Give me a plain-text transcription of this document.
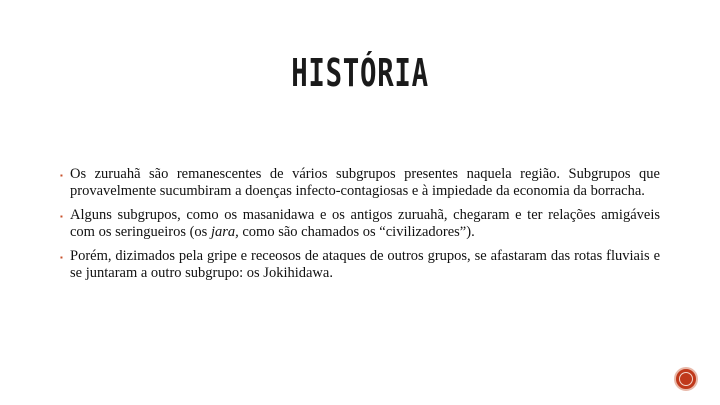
HISTÓRIA

▪ Os zuruahã são remanescentes de vários subgrupos presentes naquela região. Subgrupos que provavelmente sucumbiram a doenças infecto-contagiosas e à impiedade da economia da borracha.

▪ Alguns subgrupos, como os masanidawa e os antigos zuruahã, chegaram e ter relações amigáveis com os seringueiros (os jara, como são chamados os “civilizadores”).

▪ Porém, dizimados pela gripe e receosos de ataques de outros grupos, se afastaram das rotas fluviais e se juntaram a outro subgrupo: os Jokihidawa.
